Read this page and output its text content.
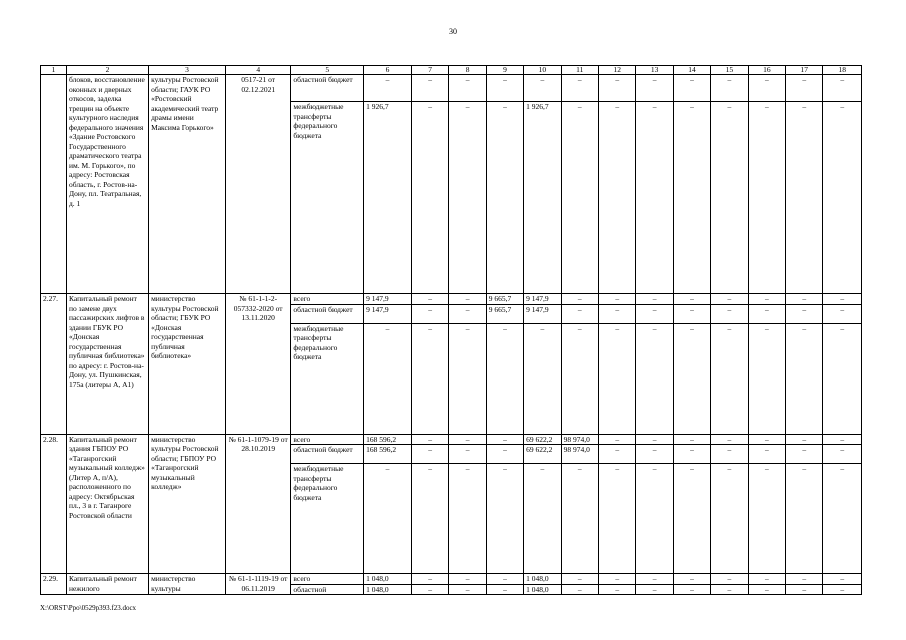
30
1	2	3	4	5	6	7	8	9	10	11	12	13	14	15	16	17	18
	блоков, восстановление оконных и дверных откосов, заделка трещин на объекте культурного наследия федерального значения «Здание Ростовского Государственного драматического театра им. М. Горького», по адресу: Ростовская область, г. Ростов-на-Дону, пл. Театральная, д. 1	культуры Ростовской области; ГАУК РО «Ростовский академический театр драмы имени Максима Горького»	0517-21 от 02.12.2021	областной бюджет	–	–	–	–	–	–	–	–	–	–	–	–	–
				межбюджетные трансферты федерального бюджета	1 926,7	–	–	–	1 926,7	–	–	–	–	–	–	–	–
2.27.	Капитальный ремонт по замене двух пассажирских лифтов в здании ГБУК РО «Донская государственная публичная библиотека» по адресу: г. Ростов-на-Дону, ул. Пушкинская, 175а (литеры А, А1)	министерство культуры Ростовской области; ГБУК РО «Донская государственная публичная библиотека»	№ 61-1-1-2-057332-2020 от 13.11.2020	всего	9 147,9	–	–	9 665,7	9 147,9	–	–	–	–	–	–	–	–
				областной бюджет	9 147,9	–	–	9 665,7	9 147,9	–	–	–	–	–	–	–	–
				межбюджетные трансферты федерального бюджета	–	–	–	–	–	–	–	–	–	–	–	–	–
2.28.	Капитальный ремонт здания ГБПОУ РО «Таганрогский музыкальный колледж» (Литер А, п/А), расположенного по адресу: Октябрьская пл., 3 в г. Таганроге Ростовской области	министерство культуры Ростовской области; ГБПОУ РО «Таганрогский музыкальный колледж»	№ 61-1-1079-19 от 28.10.2019	всего	168 596,2	–	–	–	69 622,2	98 974,0	–	–	–	–	–	–	–
				областной бюджет	168 596,2	–	–	–	69 622,2	98 974,0	–	–	–	–	–	–	–
				межбюджетные трансферты федерального бюджета	–	–	–	–	–	–	–	–	–	–	–	–	–
2.29.	Капитальный ремонт нежилого	министерство культуры	№ 61-1-1119-19 от 06.11.2019	всего	1 048,0	–	–	–	1 048,0	–	–	–	–	–	–	–	–
				областной	1 048,0	–	–	–	1 048,0	–	–	–	–	–	–	–	–
X:\ORST\Ppo\0529p393.f23.docx
